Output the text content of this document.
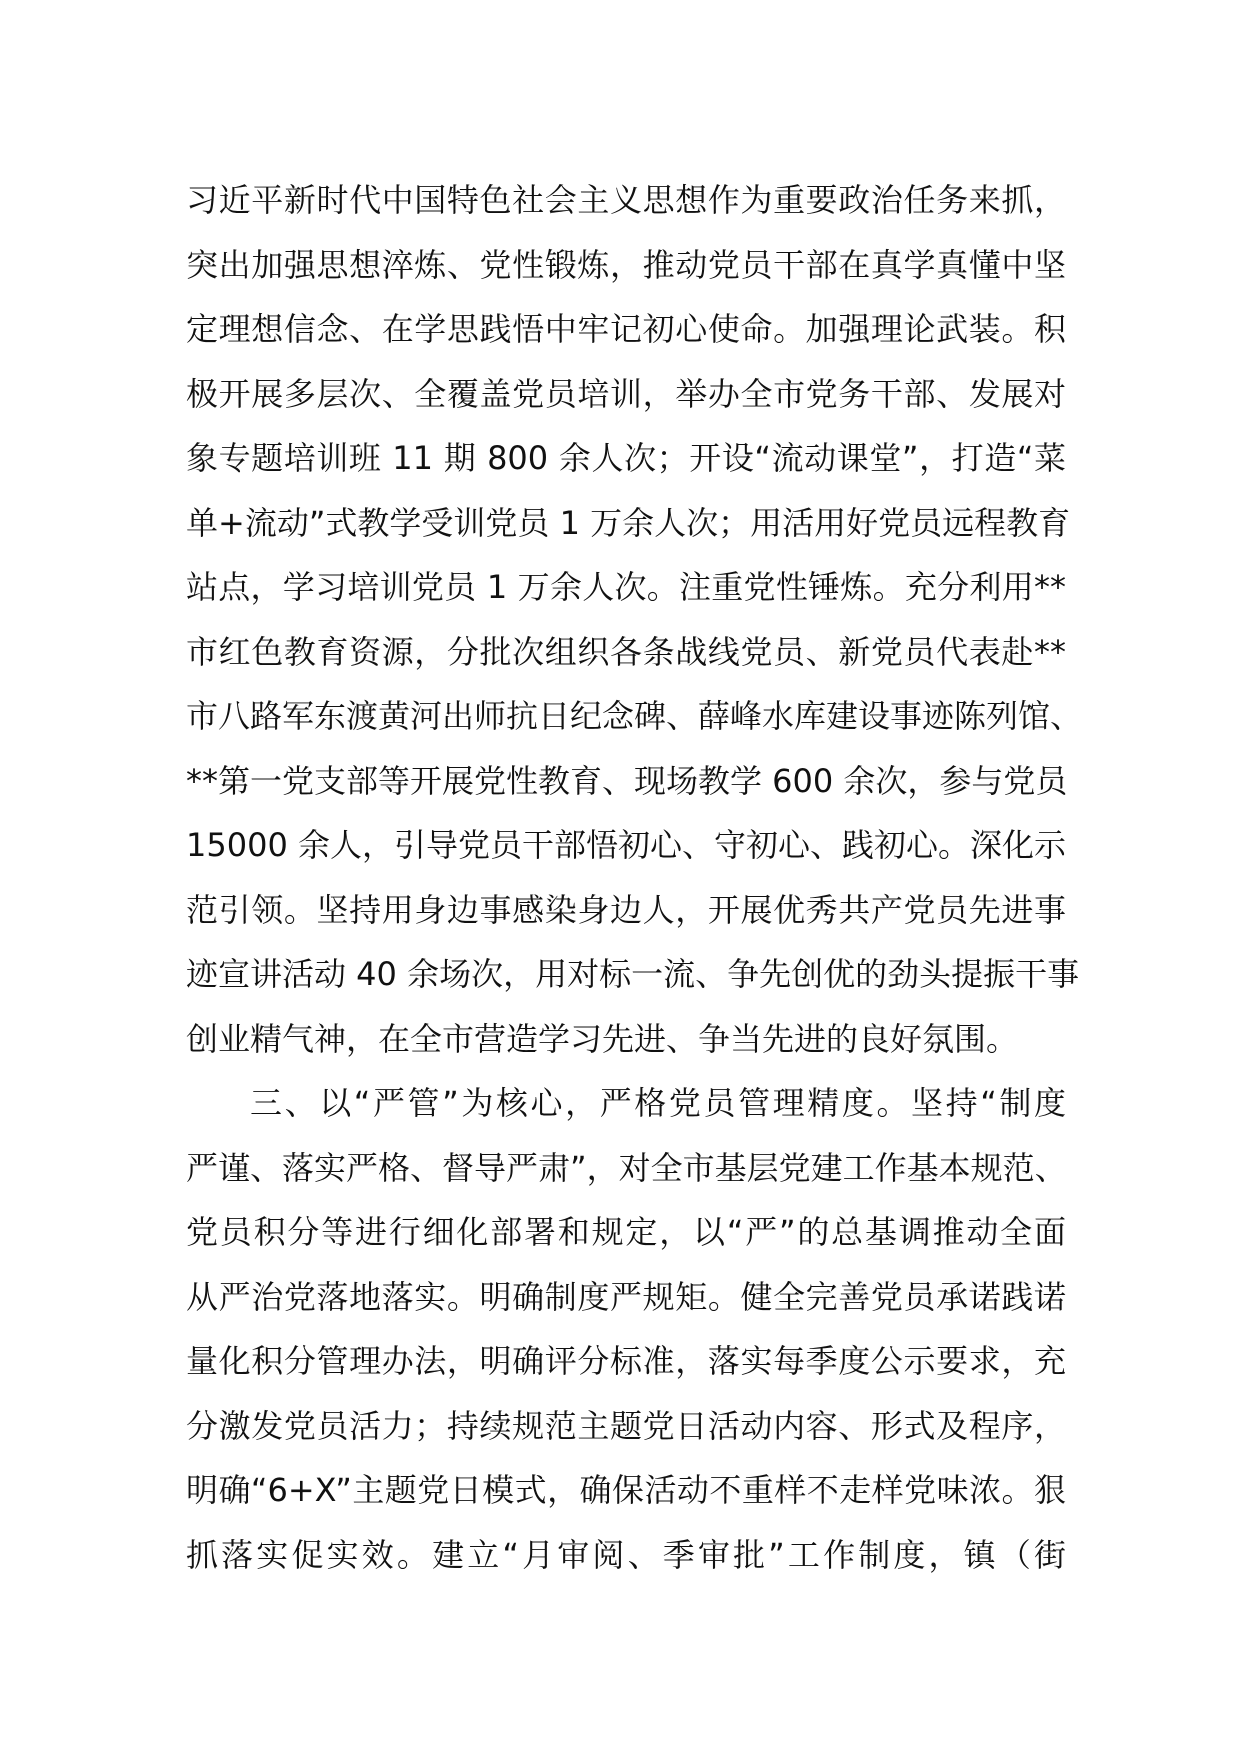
习近平新时代中国特色社会主义思想作为重要政治任务来抓，
突出加强思想淬炼、党性锻炼，推动党员干部在真学真懂中坚
定理想信念、在学思践悟中牢记初心使命。加强理论武装。积
极开展多层次、全覆盖党员培训，举办全市党务干部、发展对
象专题培训班 11 期 800 余人次；开设“流动课堂”，打造“菜
单+流动”式教学受训党员 1 万余人次；用活用好党员远程教育
站点，学习培训党员 1 万余人次。注重党性锤炼。充分利用**
市红色教育资源，分批次组织各条战线党员、新党员代表赴**
市八路军东渡黄河出师抗日纪念碑、薛峰水库建设事迹陈列馆、
**第一党支部等开展党性教育、现场教学 600 余次，参与党员
15000 余人，引导党员干部悟初心、守初心、践初心。深化示
范引领。坚持用身边事感染身边人，开展优秀共产党员先进事
迹宣讲活动 40 余场次，用对标一流、争先创优的劲头提振干事
创业精气神，在全市营造学习先进、争当先进的良好氛围。
三、以“严管”为核心，严格党员管理精度。坚持“制度
严谨、落实严格、督导严肃”，对全市基层党建工作基本规范、
党员积分等进行细化部署和规定，以“严”的总基调推动全面
从严治党落地落实。明确制度严规矩。健全完善党员承诺践诺
量化积分管理办法，明确评分标准，落实每季度公示要求，充
分激发党员活力；持续规范主题党日活动内容、形式及程序，
明确“6+X”主题党日模式，确保活动不重样不走样党味浓。狠
抓落实促实效。建立“月审阅、季审批”工作制度，镇（街
